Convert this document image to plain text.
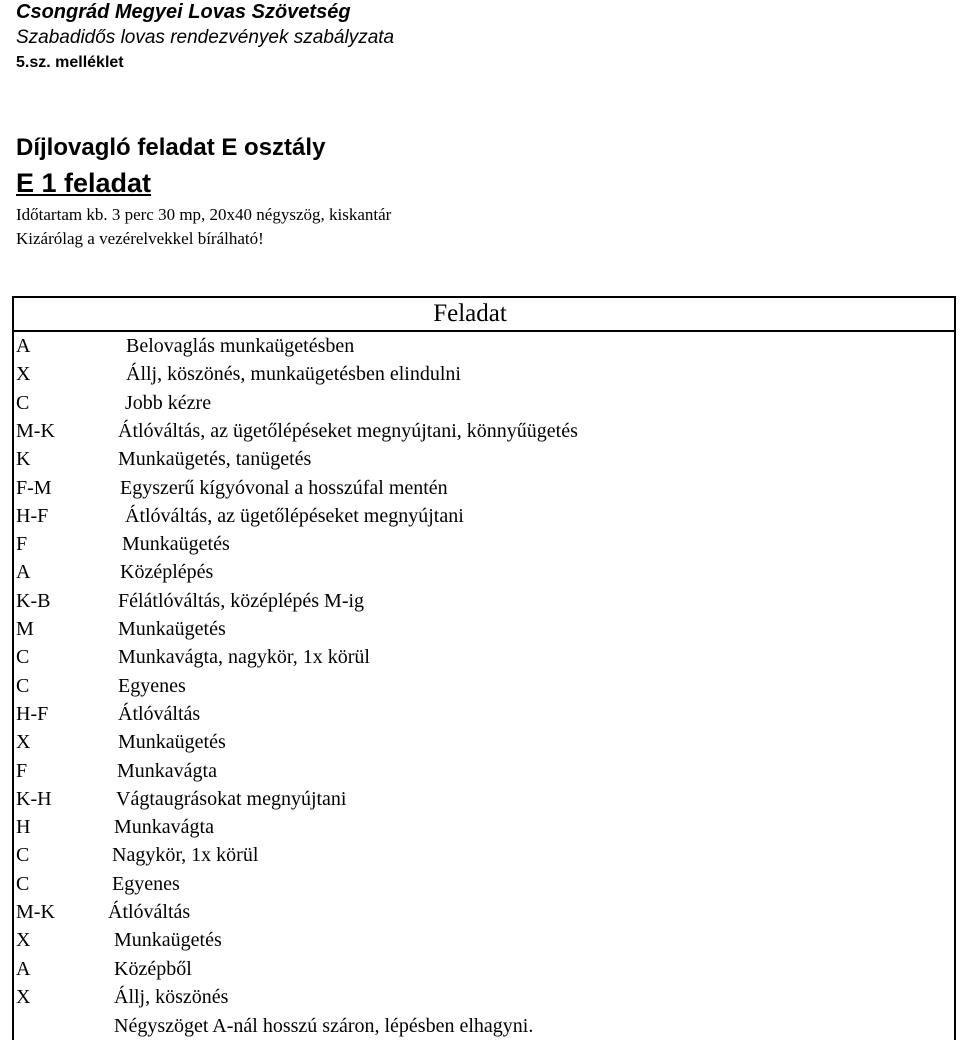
Csongrád Megyei Lovas Szövetség
Szabadidős lovas rendezvények szabályzata
5.sz. melléklet
Díjlovagló feladat E osztály
E 1 feladat
Időtartam kb. 3 perc 30 mp, 20x40 négyszög, kiskantár
Kizárólag a vezérelvekkel bírálható!
Feladat
A	Belovaglás munkaügetésben
X	Állj, köszönés, munkaügetésben elindulni
C	Jobb kézre
M-K	Átlóváltás, az ügetőlépéseket megnyújtani, könnyűügetés
K	Munkaügetés, tanügetés
F-M	Egyszerű kígyóvonal a hosszúfal mentén
H-F	Átlóváltás, az ügetőlépéseket megnyújtani
F	Munkaügetés
A	Középlépés
K-B	Félátlóváltás, középlépés M-ig
M	Munkaügetés
C	Munkavágta, nagykör, 1x körül
C	Egyenes
H-F	Átlóváltás
X	Munkaügetés
F	Munkavágta
K-H	Vágtaugrásokat megnyújtani
H	Munkavágta
C	Nagykör, 1x körül
C	Egyenes
M-K	Átlóváltás
X	Munkaügetés
A	Középből
X	Állj, köszönés
Négyszöget A-nál hosszú száron, lépésben elhagyni.
